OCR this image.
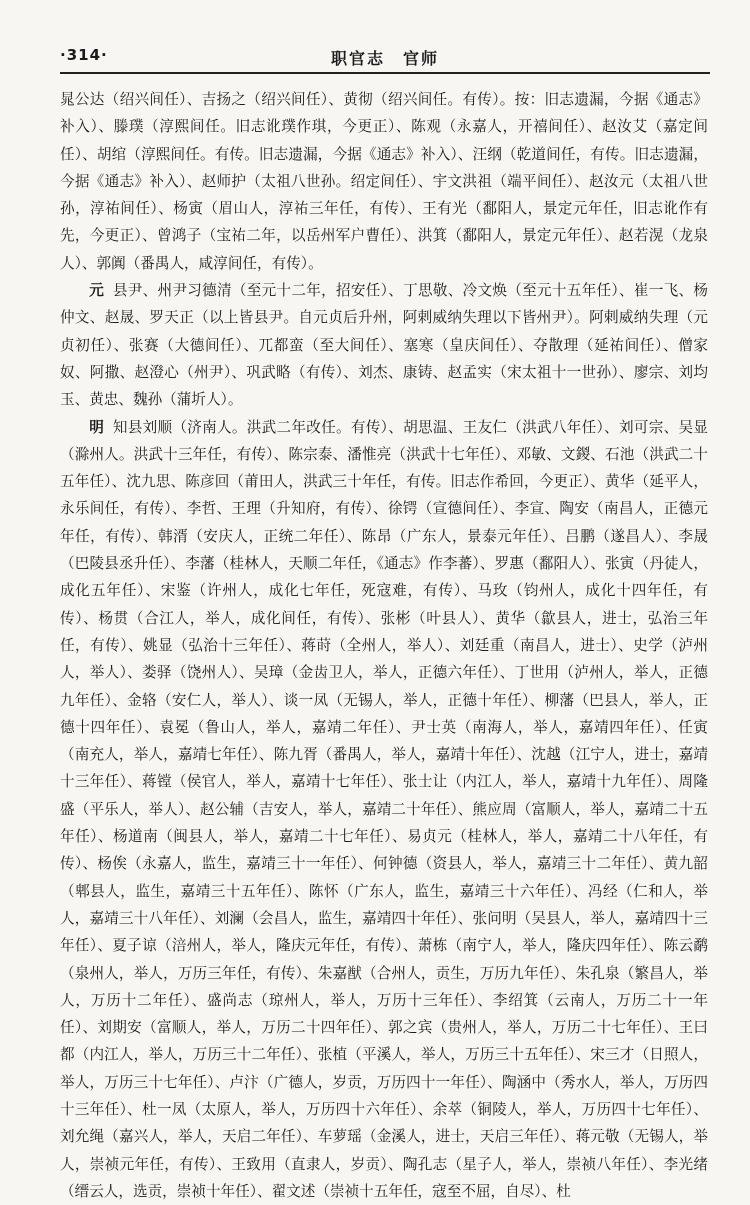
·314·	职官志　官师

晁公达（绍兴间任）、吉扬之（绍兴间任）、黄彻（绍兴间任。有传）。按：旧志遗漏，今据《通志》补入）、滕璞（淳熙间任。旧志讹璞作琪，今更正）、陈观（永嘉人，开禧间任）、赵汝艾（嘉定间任）、胡绾（淳熙间任。有传。旧志遗漏，今据《通志》补入）、汪纲（乾道间任，有传。旧志遗漏，今据《通志》补入）、赵师护（太祖八世孙。绍定间任）、宇文洪祖（端平间任）、赵汝元（太祖八世孙，淳祐间任）、杨寅（眉山人，淳祐三年任，有传）、王有光（鄱阳人，景定元年任，旧志讹作有先，今更正）、曾鸿子（宝祐二年，以岳州军户曹任）、洪箕（鄱阳人，景定元年任）、赵若滉（龙泉人）、郭阗（番禺人，咸淳间任，有传）。

元 县尹、州尹习德清（至元十二年，招安任）、丁思敬、冷文焕（至元十五年任）、崔一飞、杨仲文、赵晟、罗天正（以上皆县尹。自元贞后升州，阿剌威纳失理以下皆州尹）。阿剌威纳失理（元贞初任）、张赛（大德间任）、兀都蛮（至大间任）、塞寒（皇庆间任）、夺散理（延祐间任）、僧家奴、阿撒、赵澄心（州尹）、巩武略（有传）、刘杰、康铸、赵孟实（宋太祖十一世孙）、廖宗、刘均玉、黄忠、魏孙（蒲圻人）。

明 知县刘顺（济南人。洪武二年改任。有传）、胡思温、王友仁（洪武八年任）、刘可宗、吴显（滁州人。洪武十三年任，有传）、陈宗泰、潘惟亮（洪武十七年任）、邓敏、文鍐、石池（洪武二十五年任）、沈九思、陈彦回（莆田人，洪武三十年任，有传。旧志作希回，今更正）、黄华（延平人，永乐间任，有传）、李哲、王理（升知府，有传）、徐锷（宣德间任）、李宣、陶安（南昌人，正德元年任，有传）、韩湑（安庆人，正统二年任）、陈昂（广东人，景泰元年任）、吕鹏（遂昌人）、李晟（巴陵县丞升任）、李藩（桂林人，天顺二年任，《通志》作李蕃）、罗惠（鄱阳人）、张寅（丹徒人，成化五年任）、宋鉴（许州人，成化七年任，死寇难，有传）、马玫（钧州人，成化十四年任，有传）、杨贯（合江人，举人，成化间任，有传）、张彬（叶县人）、黄华（歙县人，进士，弘治三年任，有传）、姚显（弘治十三年任）、蒋莳（全州人，举人）、刘廷重（南昌人，进士）、史学（泸州人，举人）、娄驿（饶州人）、吴璋（金齿卫人，举人，正德六年任）、丁世用（泸州人，举人，正德九年任）、金辂（安仁人，举人）、谈一凤（无锡人，举人，正德十年任）、柳藩（巴县人，举人，正德十四年任）、袁冕（鲁山人，举人，嘉靖二年任）、尹士英（南海人，举人，嘉靖四年任）、任寅（南充人，举人，嘉靖七年任）、陈九胥（番禺人，举人，嘉靖十年任）、沈越（江宁人，进士，嘉靖十三年任）、蒋镗（侯官人，举人，嘉靖十七年任）、张士让（内江人，举人，嘉靖十九年任）、周隆盛（平乐人，举人）、赵公辅（吉安人，举人，嘉靖二十年任）、熊应周（富顺人，举人，嘉靖二十五年任）、杨道南（闽县人，举人，嘉靖二十七年任）、易贞元（桂林人，举人，嘉靖二十八年任，有传）、杨俟（永嘉人，监生，嘉靖三十一年任）、何钟德（资县人，举人，嘉靖三十二年任）、黄九韶（郫县人，监生，嘉靖三十五年任）、陈怀（广东人，监生，嘉靖三十六年任）、冯经（仁和人，举人，嘉靖三十八年任）、刘澜（会昌人，监生，嘉靖四十年任）、张问明（吴县人，举人，嘉靖四十三年任）、夏子谅（涪州人，举人，隆庆元年任，有传）、萧栋（南宁人，举人，隆庆四年任）、陈云鹬（泉州人，举人，万历三年任，有传）、朱嘉猷（合州人，贡生，万历九年任）、朱孔泉（繁昌人，举人，万历十二年任）、盛尚志（琼州人，举人，万历十三年任）、李绍箕（云南人，万历二十一年任）、刘期安（富顺人，举人，万历二十四年任）、郭之宾（贵州人，举人，万历二十七年任）、王曰都（内江人，举人，万历三十二年任）、张植（平溪人，举人，万历三十五年任）、宋三才（日照人，举人，万历三十七年任）、卢汴（广德人，岁贡，万历四十一年任）、陶涵中（秀水人，举人，万历四十三年任）、杜一凤（太原人，举人，万历四十六年任）、余萃（铜陵人，举人，万历四十七年任）、刘允绳（嘉兴人，举人，天启二年任）、车萝瑶（金溪人，进士，天启三年任）、蒋元敬（无锡人，举人，崇祯元年任，有传）、王致用（直隶人，岁贡）、陶孔志（星子人，举人，崇祯八年任）、李光绪（缙云人，选贡，崇祯十年任）、翟文述（崇祯十五年任，寇至不屈，自尽）、杜
